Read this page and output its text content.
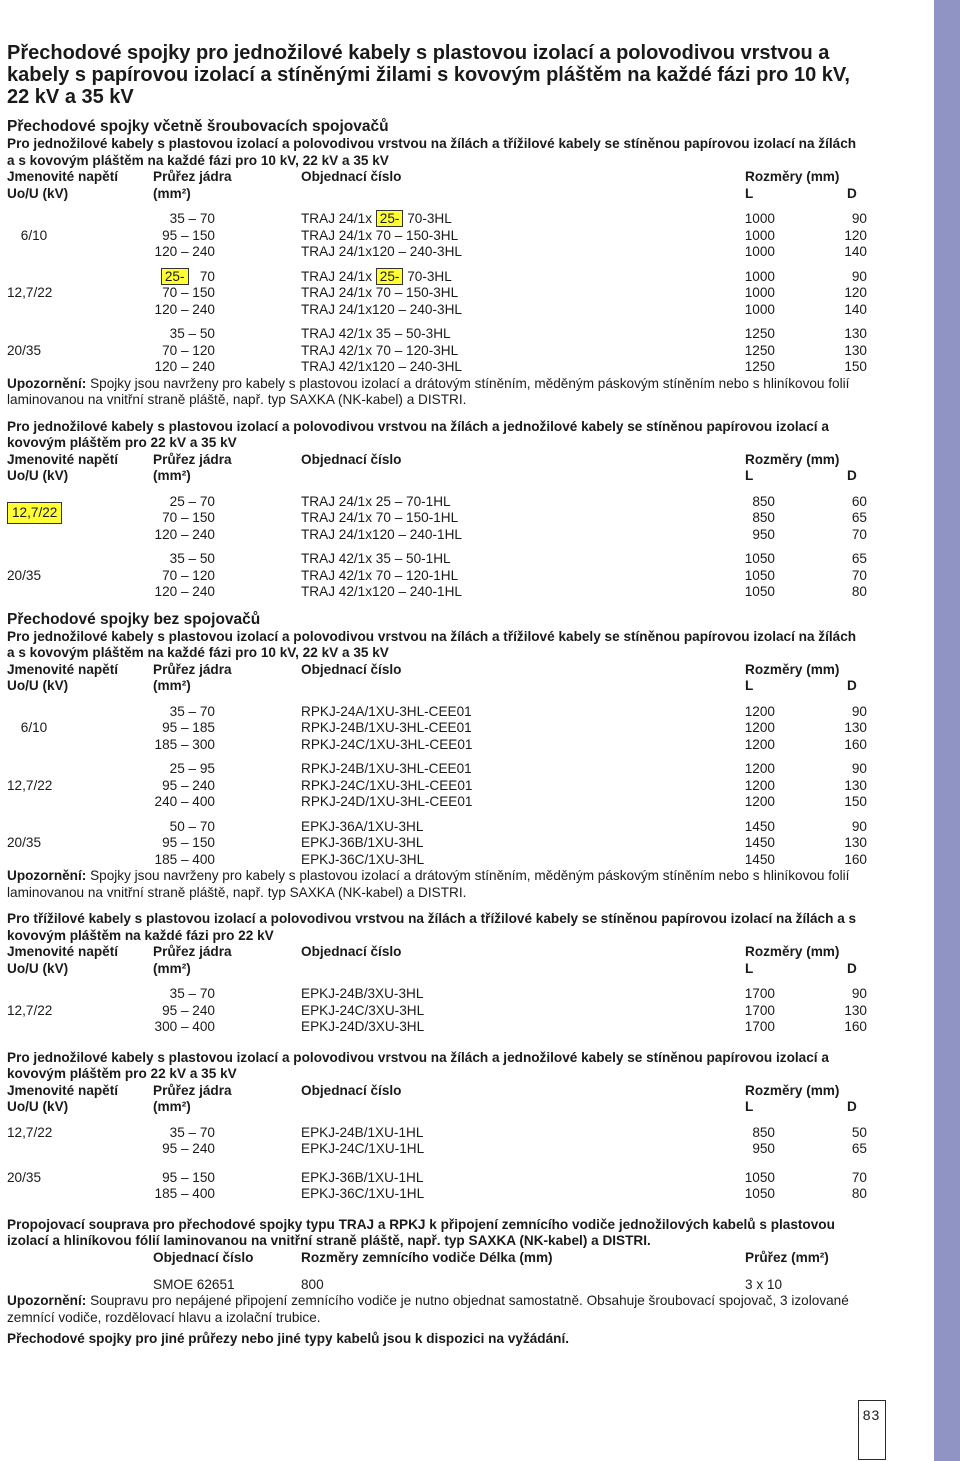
83
Přechodové spojky pro jednožilové kabely s plastovou izolací a polovodivou vrstvou a kabely s papírovou izolací a stíněnými žilami s kovovým pláštěm na každé fázi pro 10 kV, 22 kV a 35 kV
Přechodové spojky včetně šroubovacích spojovačů
Pro jednožilové kabely s plastovou izolací a polovodivou vrstvou na žílách a třížilové kabely se stíněnou papírovou izolací na žílách a s kovovým pláštěm na každé fázi pro 10 kV, 22 kV a 35 kV
Jmenovité napětí
Uo/U (kV)
Průřez jádra
(mm²)
Objednací číslo	Rozměry (mm)
L	D
6/10
35 – 70	TRAJ 24/1x 25- 70-3HL	1000	90
95 – 150	TRAJ 24/1x 70 – 150-3HL	1000	120
120 – 240	TRAJ 24/1x120 – 240-3HL	1000	140
12,7/22
25- 70	TRAJ 24/1x 25- 70-3HL	1000	90
70 – 150	TRAJ 24/1x 70 – 150-3HL	1000	120
120 – 240	TRAJ 24/1x120 – 240-3HL	1000	140
20/35
35 – 50	TRAJ 42/1x 35 – 50-3HL	1250	130
70 – 120	TRAJ 42/1x 70 – 120-3HL	1250	130
120 – 240	TRAJ 42/1x120 – 240-3HL	1250	150
Upozornění: Spojky jsou navrženy pro kabely s plastovou izolací a drátovým stíněním, měděným páskovým stíněním nebo s hliníkovou folií laminovanou na vnitřní straně pláště, např. typ SAXKA (NK-kabel) a DISTRI.
Pro jednožilové kabely s plastovou izolací a polovodivou vrstvou na žílách a jednožilové kabely se stíněnou papírovou izolací a kovovým pláštěm pro 22 kV a 35 kV
Jmenovité napětí
Uo/U (kV)
Průřez jádra
(mm²)
Objednací číslo	Rozměry (mm)
L	D
12,7/22
25 – 70	TRAJ 24/1x 25 – 70-1HL	850	60
70 – 150	TRAJ 24/1x 70 – 150-1HL	850	65
120 – 240	TRAJ 24/1x120 – 240-1HL	950	70
20/35
35 – 50	TRAJ 42/1x 35 – 50-1HL	1050	65
70 – 120	TRAJ 42/1x 70 – 120-1HL	1050	70
120 – 240	TRAJ 42/1x120 – 240-1HL	1050	80
Přechodové spojky bez spojovačů
Pro jednožilové kabely s plastovou izolací a polovodivou vrstvou na žílách a třížilové kabely se stíněnou papírovou izolací na žílách a s kovovým pláštěm na každé fázi pro 10 kV, 22 kV a 35 kV
Jmenovité napětí
Uo/U (kV)
Průřez jádra
(mm²)
Objednací číslo	Rozměry (mm)
L	D
6/10
35 – 70	RPKJ-24A/1XU-3HL-CEE01	1200	90
95 – 185	RPKJ-24B/1XU-3HL-CEE01	1200	130
185 – 300	RPKJ-24C/1XU-3HL-CEE01	1200	160
12,7/22
25 – 95	RPKJ-24B/1XU-3HL-CEE01	1200	90
95 – 240	RPKJ-24C/1XU-3HL-CEE01	1200	130
240 – 400	RPKJ-24D/1XU-3HL-CEE01	1200	150
20/35
50 – 70	EPKJ-36A/1XU-3HL	1450	90
95 – 150	EPKJ-36B/1XU-3HL	1450	130
185 – 400	EPKJ-36C/1XU-3HL	1450	160
Upozornění: Spojky jsou navrženy pro kabely s plastovou izolací a drátovým stíněním, měděným páskovým stíněním nebo s hliníkovou folií laminovanou na vnitřní straně pláště, např. typ SAXKA (NK-kabel) a DISTRI.
Pro třížilové kabely s plastovou izolací a polovodivou vrstvou na žílách a třížilové kabely se stíněnou papírovou izolací na žílách a s kovovým pláštěm na každé fázi pro 22 kV
Jmenovité napětí
Uo/U (kV)
Průřez jádra
(mm²)
Objednací číslo	Rozměry (mm)
L	D
12,7/22
35 – 70	EPKJ-24B/3XU-3HL	1700	90
95 – 240	EPKJ-24C/3XU-3HL	1700	130
300 – 400	EPKJ-24D/3XU-3HL	1700	160
Pro jednožilové kabely s plastovou izolací a polovodivou vrstvou na žílách a jednožilové kabely se stíněnou papírovou izolací a kovovým pláštěm pro 22 kV a 35 kV
Jmenovité napětí
Uo/U (kV)
Průřez jádra
(mm²)
Objednací číslo	Rozměry (mm)
L	D
12,7/22	35 – 70	EPKJ-24B/1XU-1HL	850	50
95 – 240	EPKJ-24C/1XU-1HL	950	65
20/35	95 – 150	EPKJ-36B/1XU-1HL	1050	70
185 – 400	EPKJ-36C/1XU-1HL	1050	80
Propojovací souprava pro přechodové spojky typu TRAJ a RPKJ k připojení zemnícího vodiče jednožilových kabelů s plastovou izolací a hliníkovou fólií laminovanou na vnitřní straně pláště, např. typ SAXKA (NK-kabel) a DISTRI.
Objednací číslo	Rozměry zemnícího vodiče Délka (mm)	Průřez (mm²)
SMOE 62651	800	3 x 10
Upozornění: Soupravu pro nepájené připojení zemnícího vodiče je nutno objednat samostatně. Obsahuje šroubovací spojovač, 3 izolované zemnící vodiče, rozdělovací hlavu a izolační trubice.
Přechodové spojky pro jiné průřezy nebo jiné typy kabelů jsou k dispozici na vyžádání.
